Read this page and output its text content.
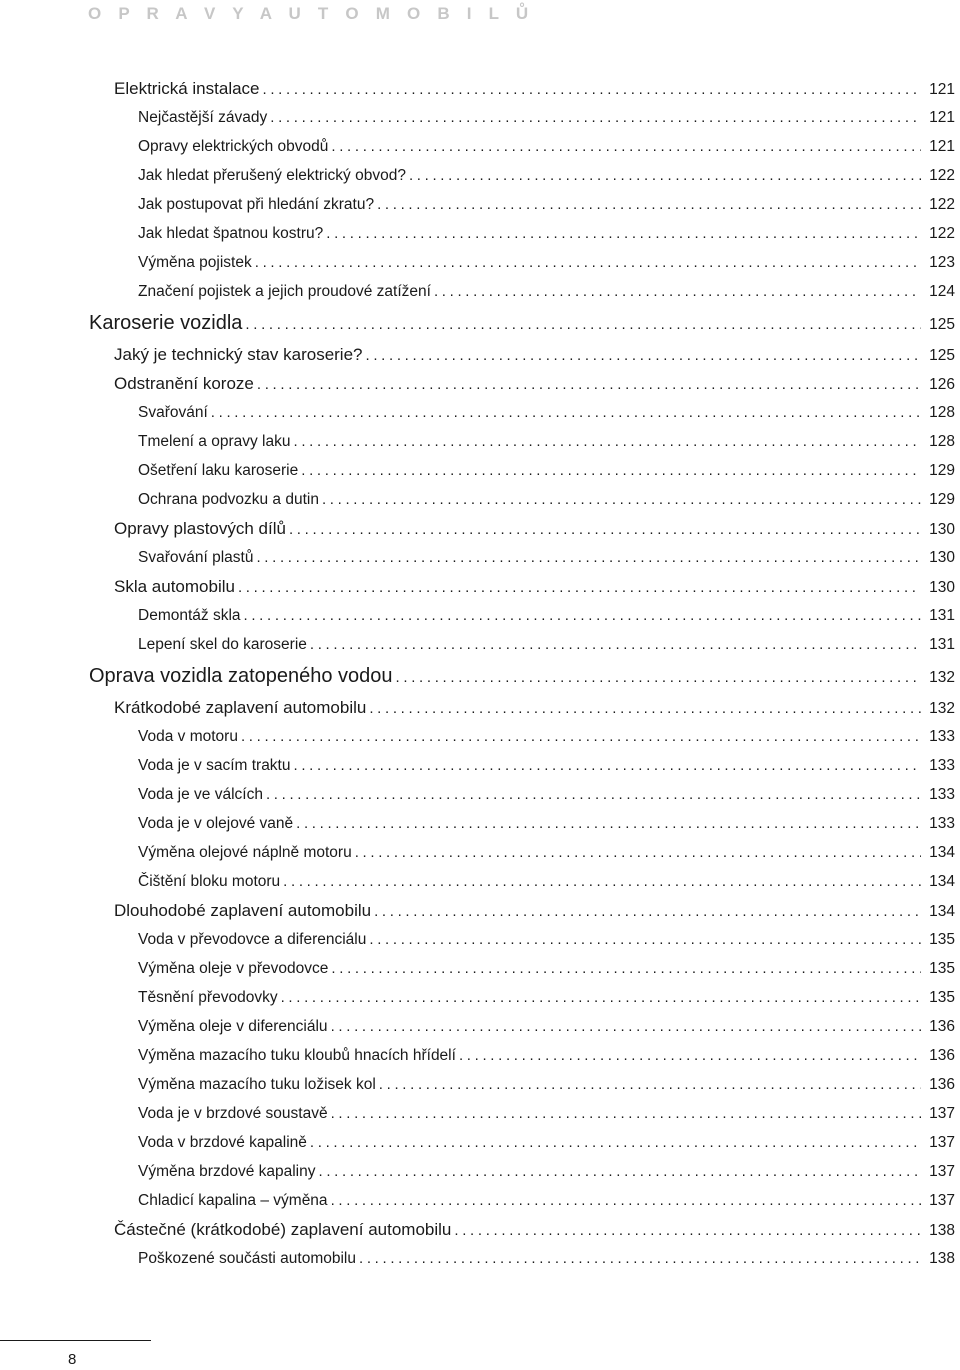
O P R A V Y A U T O M O B I L Ů
Elektrická instalace . . .	121
Nejčastější závady . . .	121
Opravy elektrických obvodů . . .	121
Jak hledat přerušený elektrický obvod? . . .	122
Jak postupovat při hledání zkratu? . . .	122
Jak hledat špatnou kostru? . . .	122
Výměna pojistek . . .	123
Značení pojistek a jejich proudové zatížení . . .	124
Karoserie vozidla . . .	125
Jaký je technický stav karoserie? . . .	125
Odstranění koroze . . .	126
Svařování . . .	128
Tmelení a opravy laku . . .	128
Ošetření laku karoserie . . .	129
Ochrana podvozku a dutin . . .	129
Opravy plastových dílů . . .	130
Svařování plastů . . .	130
Skla automobilu . . .	130
Demontáž skla . . .	131
Lepení skel do karoserie . . .	131
Oprava vozidla zatopeného vodou . . .	132
Krátkodobé zaplavení automobilu . . .	132
Voda v motoru . . .	133
Voda je v sacím traktu . . .	133
Voda je ve válcích . . .	133
Voda je v olejové vaně . . .	133
Výměna olejové náplně motoru . . .	134
Čištění bloku motoru . . .	134
Dlouhodobé zaplavení automobilu . . .	134
Voda v převodovce a diferenciálu . . .	135
Výměna oleje v převodovce . . .	135
Těsnění převodovky . . .	135
Výměna oleje v diferenciálu . . .	136
Výměna mazacího tuku kloubů hnacích hřídelí . . .	136
Výměna mazacího tuku ložisek kol . . .	136
Voda je v brzdové soustavě . . .	137
Voda v brzdové kapalině . . .	137
Výměna brzdové kapaliny . . .	137
Chladicí kapalina – výměna . . .	137
Částečné (krátkodobé) zaplavení automobilu . . .	138
Poškozené součásti automobilu . . .	138
8
